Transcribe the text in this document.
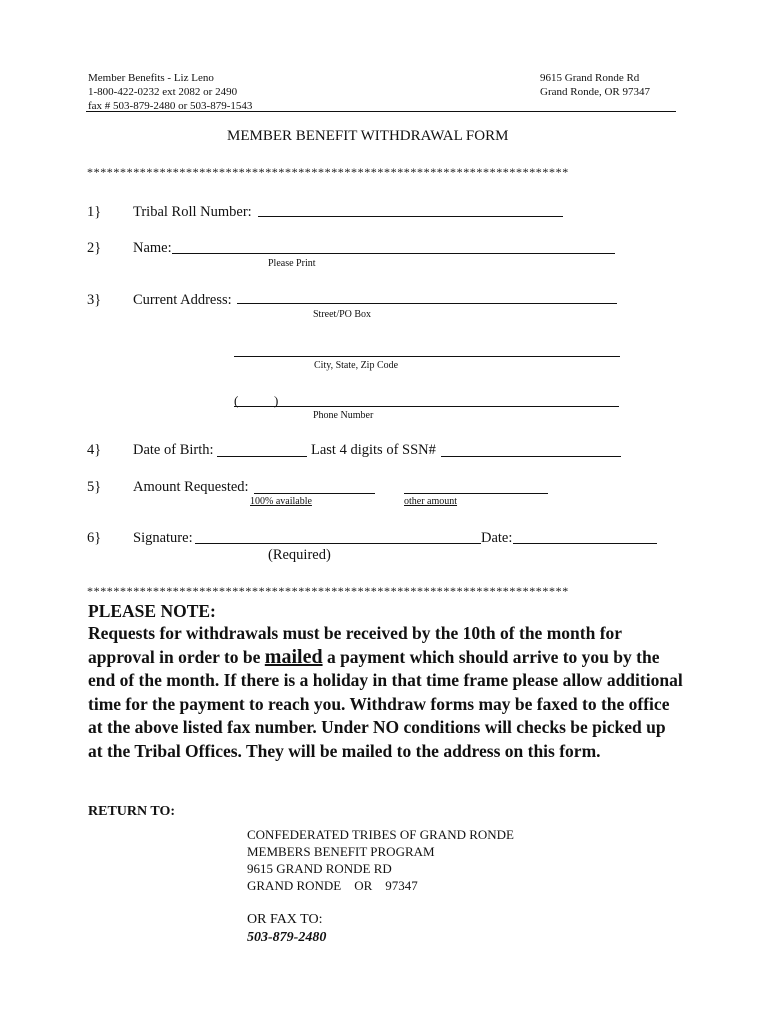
Member Benefits - Liz Leno
1-800-422-0232 ext 2082 or 2490
fax # 503-879-2480 or 503-879-1543
9615 Grand Ronde Rd
Grand Ronde, OR 97347
MEMBER BENEFIT WITHDRAWAL FORM
*************************************************************************
1} Tribal Roll Number:
2} Name:
Please Print
3} Current Address:
Street/PO Box
City, State, Zip Code
(	)
Phone Number
4} Date of Birth:	Last 4 digits of SSN#
5} Amount Requested:
100% available	other amount
6} Signature:	Date:
(Required)
*************************************************************************
PLEASE NOTE:
Requests for withdrawals must be received by the 10th of the month for approval in order to be mailed a payment which should arrive to you by the end of the month. If there is a holiday in that time frame please allow additional time for the payment to reach you. Withdraw forms may be faxed to the office at the above listed fax number. Under NO conditions will checks be picked up at the Tribal Offices. They will be mailed to the address on this form.
RETURN TO:
CONFEDERATED TRIBES OF GRAND RONDE
MEMBERS BENEFIT PROGRAM
9615 GRAND RONDE RD
GRAND RONDE    OR    97347
OR FAX TO:
503-879-2480
